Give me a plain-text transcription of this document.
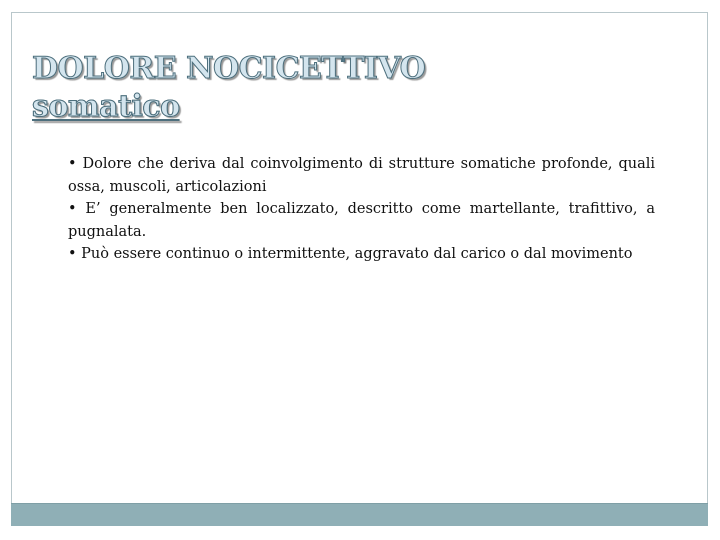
DOLORE NOCICETTIVO
somatico

• Dolore che deriva dal coinvolgimento di strutture somatiche profonde, quali ossa, muscoli, articolazioni

• E’ generalmente ben localizzato, descritto come martellante, trafittivo, a pugnalata.

• Può essere continuo o intermittente, aggravato dal carico o dal movimento
